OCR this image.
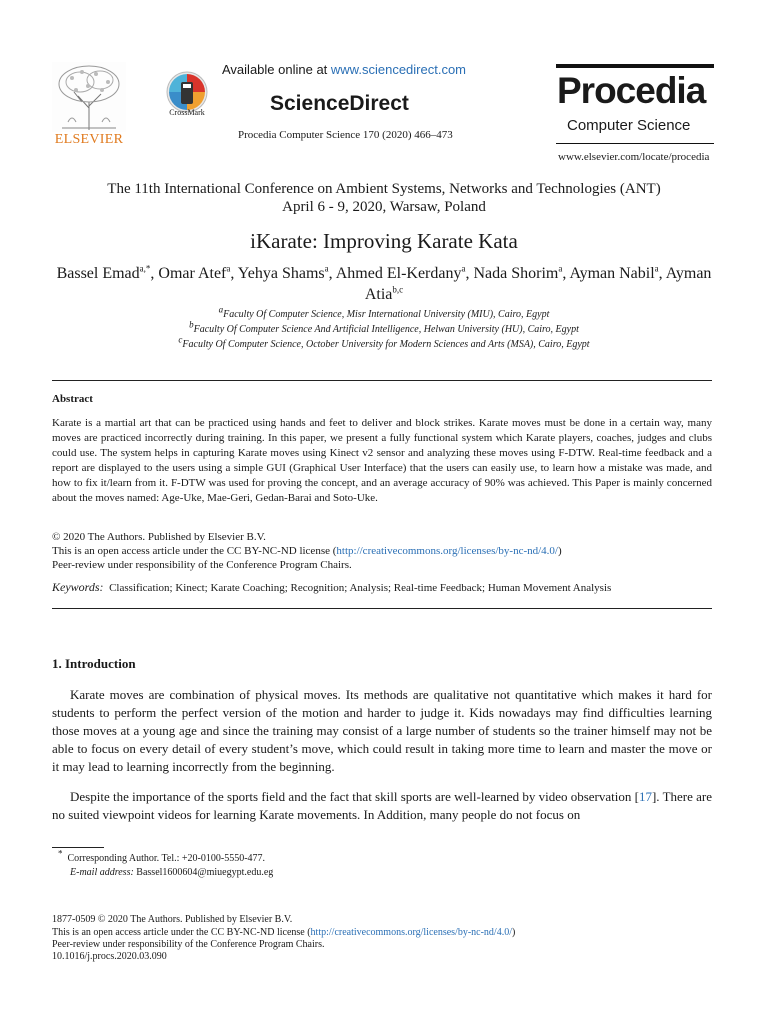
ELSEVIER
CrossMark
Available online at www.sciencedirect.com
ScienceDirect
Procedia Computer Science 170 (2020) 466–473
Procedia
Computer Science
www.elsevier.com/locate/procedia
The 11th International Conference on Ambient Systems, Networks and Technologies (ANT)
April 6 - 9, 2020, Warsaw, Poland
iKarate: Improving Karate Kata
Bassel Emad$^{a,*}$, Omar Atef$^a$, Yehya Shams$^a$, Ahmed El-Kerdany$^a$, Nada Shorim$^a$, Ayman Nabil$^a$, Ayman Atia$^{b,c}$
$^a$Faculty Of Computer Science, Misr International University (MIU), Cairo, Egypt
$^b$Faculty Of Computer Science And Artificial Intelligence, Helwan University (HU), Cairo, Egypt
$^c$Faculty Of Computer Science, October University for Modern Sciences and Arts (MSA), Cairo, Egypt
Abstract
Karate is a martial art that can be practiced using hands and feet to deliver and block strikes. Karate moves must be done in a certain way, many moves are practiced incorrectly during training. In this paper, we present a fully functional system which Karate players, coaches, judges and clubs could use. The system helps in capturing Karate moves using Kinect v2 sensor and analyzing these moves using F-DTW. Real-time feedback and a report are displayed to the users using a simple GUI (Graphical User Interface) that the users can easily use, to learn how a mistake was made, and how to fix it/learn from it. F-DTW was used for proving the concept, and an average accuracy of 90% was achieved. This Paper is mainly concerned about the moves named: Age-Uke, Mae-Geri, Gedan-Barai and Soto-Uke.
© 2020 The Authors. Published by Elsevier B.V.
This is an open access article under the CC BY-NC-ND license (http://creativecommons.org/licenses/by-nc-nd/4.0/)
Peer-review under responsibility of the Conference Program Chairs.
Keywords: Classification; Kinect; Karate Coaching; Recognition; Analysis; Real-time Feedback; Human Movement Analysis
1. Introduction
Karate moves are combination of physical moves. Its methods are qualitative not quantitative which makes it hard for students to perform the perfect version of the motion and harder to judge it. Kids nowadays may find difficulties learning those moves at a young age and since the training may consist of a large number of students so the trainer himself may not be able to focus on every detail of every student’s move, which could result in taking more time to learn and master the move or it may lead to learning incorrectly from the beginning.
Despite the importance of the sports field and the fact that skill sports are well-learned by video observation [17]. There are no suited viewpoint videos for learning Karate movements. In Addition, many people do not focus on
* Corresponding Author. Tel.: +20-0100-5550-477.
E-mail address: Bassel1600604@miuegypt.edu.eg
1877-0509 © 2020 The Authors. Published by Elsevier B.V.
This is an open access article under the CC BY-NC-ND license (http://creativecommons.org/licenses/by-nc-nd/4.0/)
Peer-review under responsibility of the Conference Program Chairs.
10.1016/j.procs.2020.03.090
